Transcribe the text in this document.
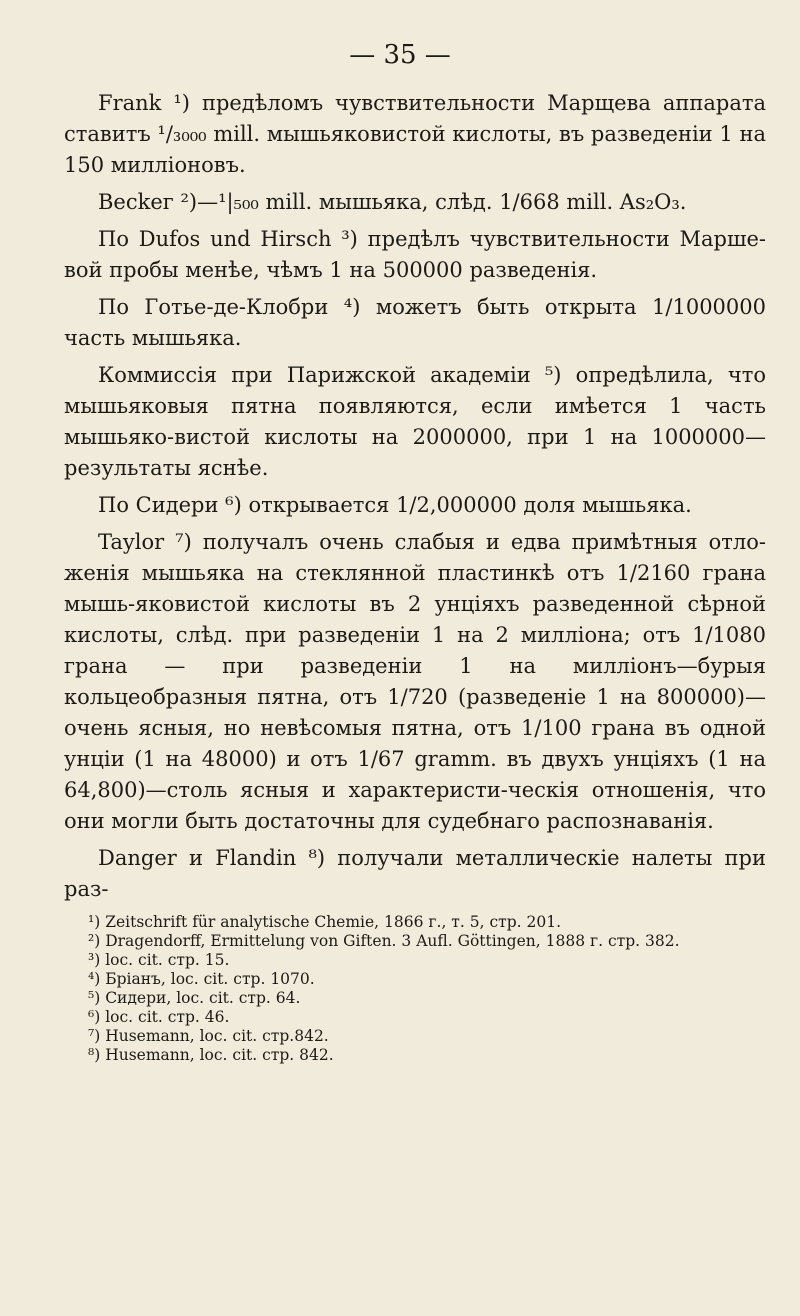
— 35 —

Frank ¹) предѣломъ чувствительности Марщева аппарата ставитъ ¹/₃₀₀₀ mill. мышьяковистой кислоты, въ разведеніи 1 на 150 милліоновъ.

Веckег ²)—¹|₅₀₀ mill. мышьяка, слѣд. 1/668 mill. As₂O₃.

По Dufos und Hirsch ³) предѣлъ чувствительности Марше-вой пробы менѣе, чѣмъ 1 на 500000 разведенія.

По Готье-де-Клобри ⁴) можетъ быть открыта 1/1000000 часть мышьяка.

Коммиссія при Парижской академіи ⁵) опредѣлила, что мышьяковыя пятна появляются, если имѣется 1 часть мышьяко-вистой кислоты на 2000000, при 1 на 1000000—результаты яснѣе.

По Сидери ⁶) открывается 1/2,000000 доля мышьяка.

Taylor ⁷) получалъ очень слабыя и едва примѣтныя отло-женія мышьяка на стеклянной пластинкѣ отъ 1/2160 грана мышь-яковистой кислоты въ 2 унціяхъ разведенной сѣрной кислоты, слѣд. при разведеніи 1 на 2 милліона; отъ 1/1080 грана — при разведеніи 1 на милліонъ—бурыя кольцеобразныя пятна, отъ 1/720 (разведеніе 1 на 800000)—очень ясныя, но невѣсомыя пятна, отъ 1/100 грана въ одной унціи (1 на 48000) и отъ 1/67 gramm. въ двухъ унціяхъ (1 на 64,800)—столь ясныя и характеристи-ческія отношенія, что они могли быть достаточны для судебнаго распознаванія.

Danger и Flandin ⁸) получали металлическіе налеты при раз-

¹) Zeitschrift für analytische Chemie, 1866 г., т. 5, стр. 201.
²) Dragendorff, Ermittelung von Giften. 3 Aufl. Göttingen, 1888 г. стр. 382.
³) loc. cit. стр. 15.
⁴) Бріанъ, loc. cit. стр. 1070.
⁵) Сидери, loc. cit. стр. 64.
⁶) loc. cit. стр. 46.
⁷) Husemann, loc. cit. стр.842.
⁸) Husemann, loc. cit. стр. 842.
